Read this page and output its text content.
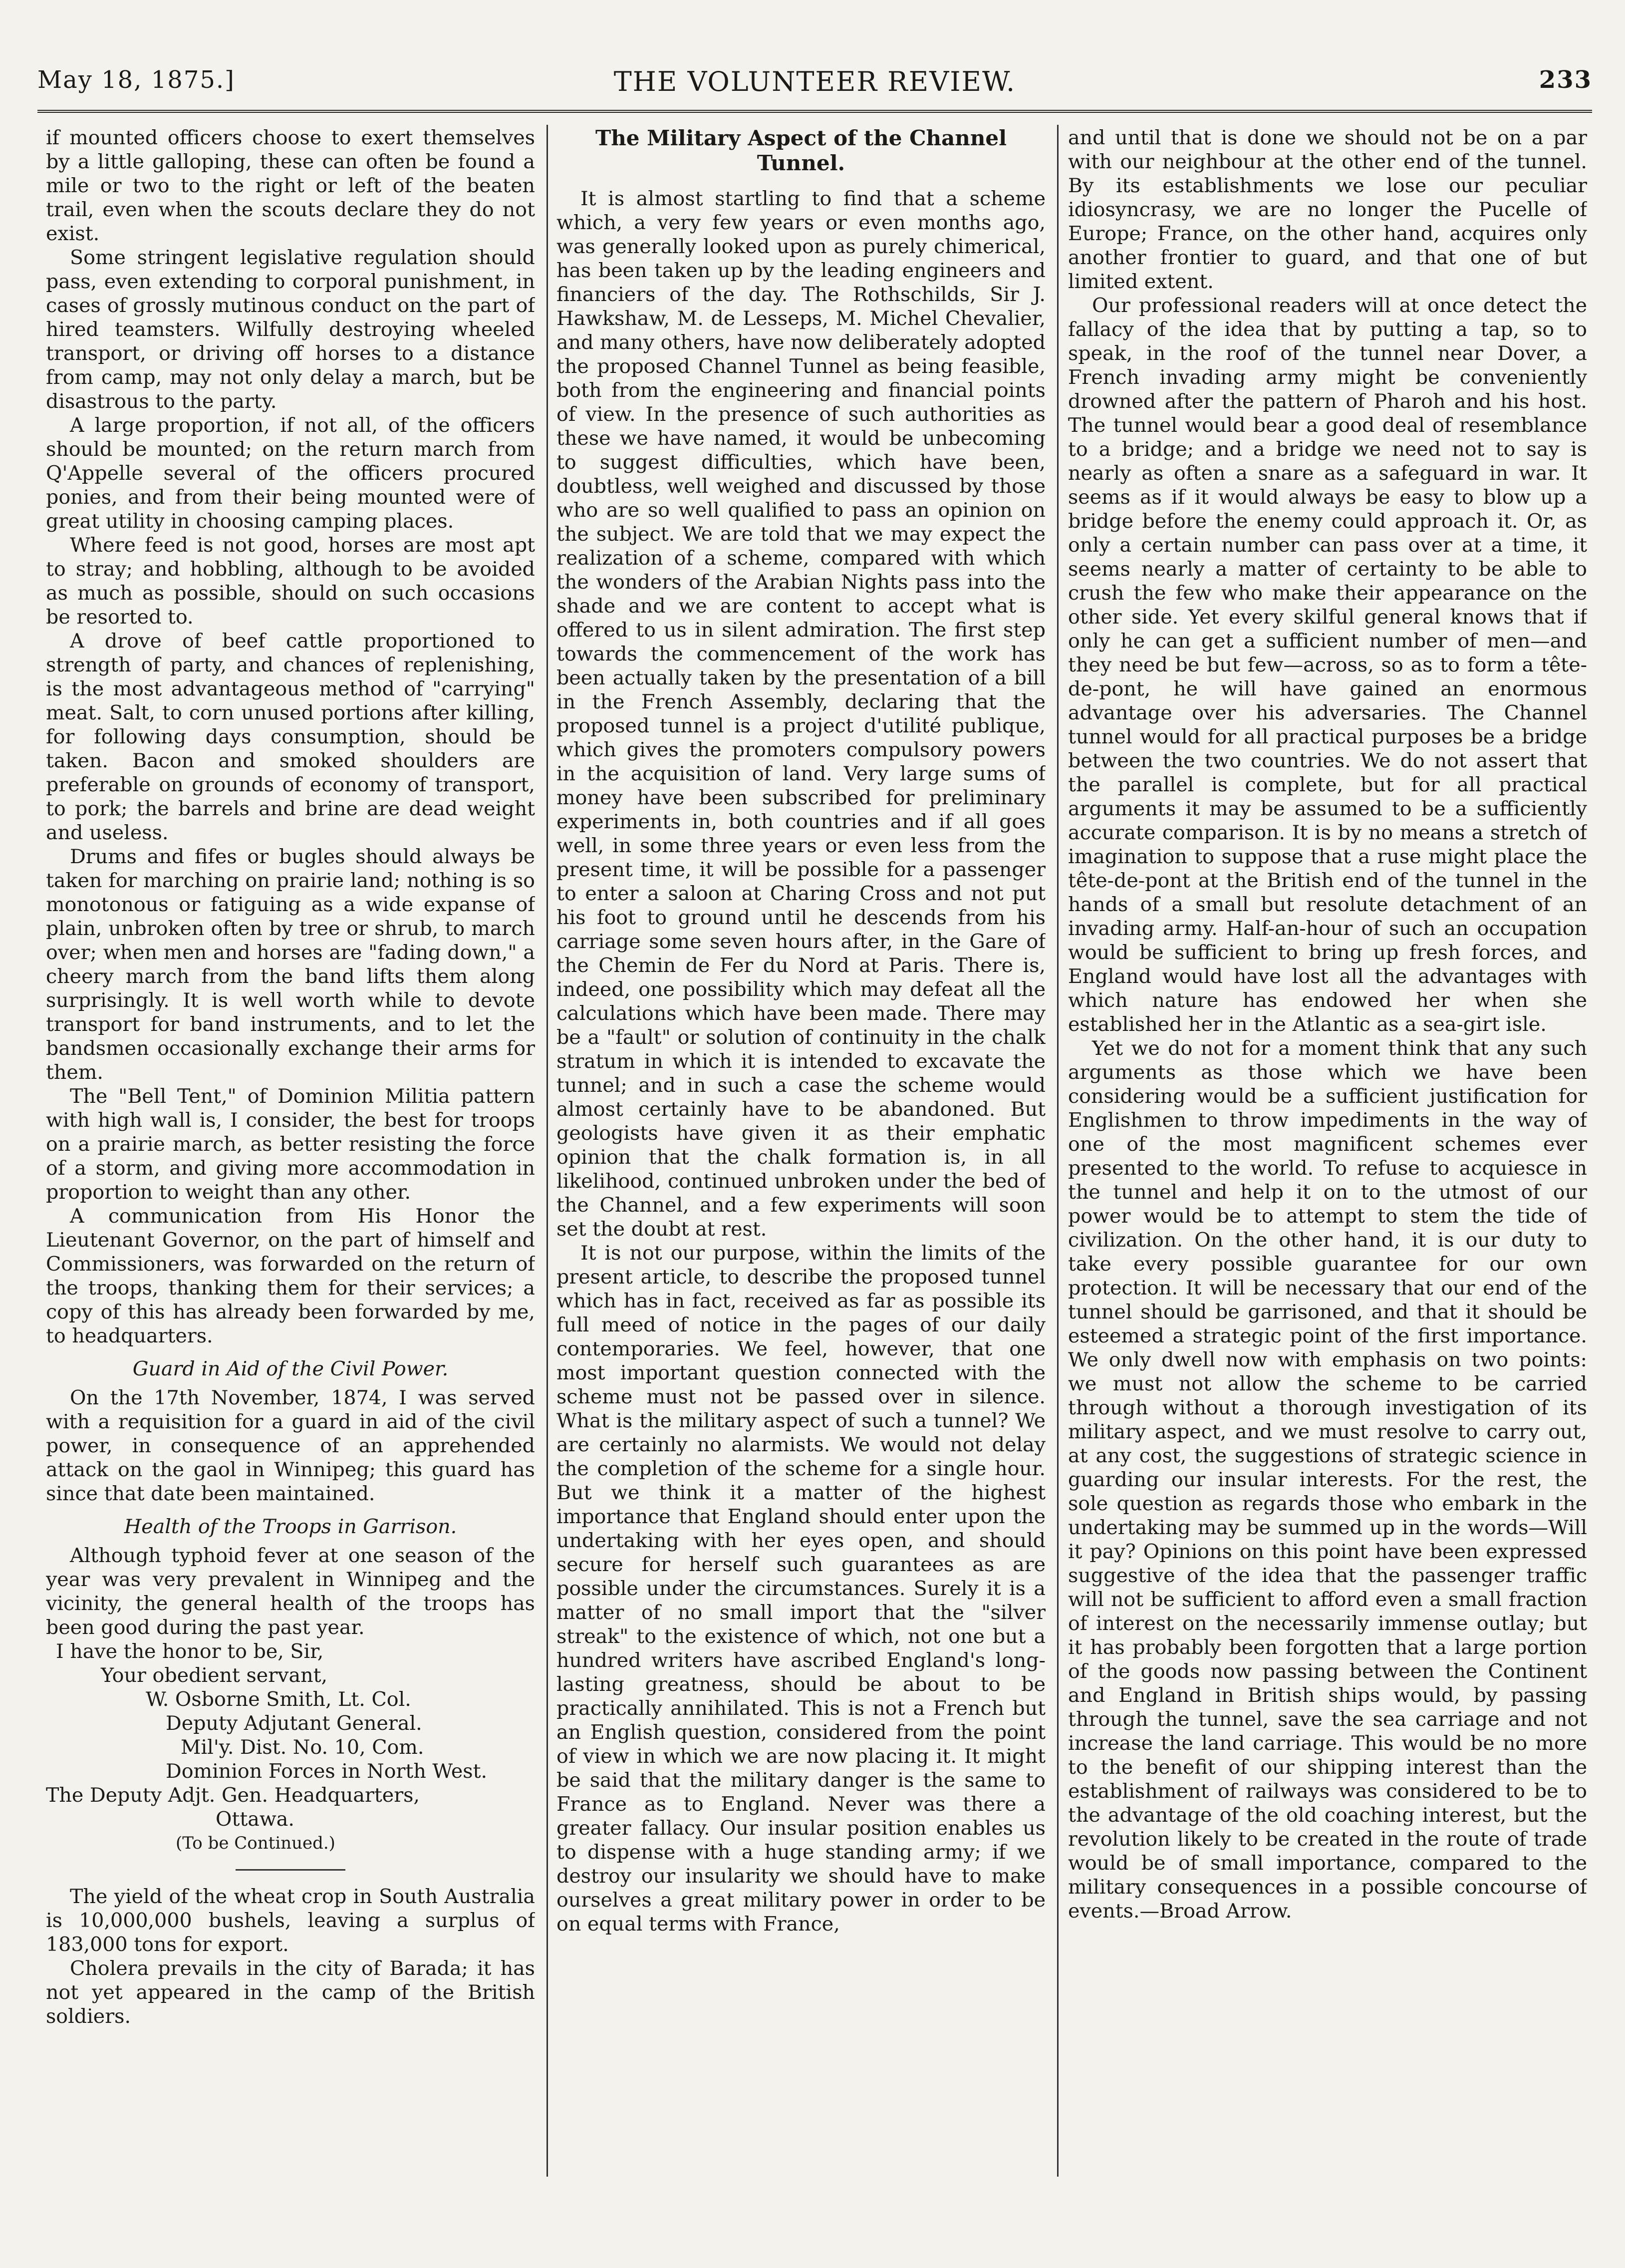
May 18, 1875.]	THE VOLUNTEER REVIEW.	233

if mounted officers choose to exert themselves by a little galloping, these can often be found a mile or two to the right or left of the beaten trail, even when the scouts declare they do not exist.

Some stringent legislative regulation should pass, even extending to corporal punishment, in cases of grossly mutinous conduct on the part of hired teamsters. Wilfully destroying wheeled transport, or driving off horses to a distance from camp, may not only delay a march, but be disastrous to the party.

A large proportion, if not all, of the officers should be mounted; on the return march from Q'Appelle several of the officers procured ponies, and from their being mounted were of great utility in choosing camping places.

Where feed is not good, horses are most apt to stray; and hobbling, although to be avoided as much as possible, should on such occasions be resorted to.

A drove of beef cattle proportioned to strength of party, and chances of replenishing, is the most advantageous method of "carrying" meat. Salt, to corn unused portions after killing, for following days consumption, should be taken. Bacon and smoked shoulders are preferable on grounds of economy of transport, to pork; the barrels and brine are dead weight and useless.

Drums and fifes or bugles should always be taken for marching on prairie land; nothing is so monotonous or fatiguing as a wide expanse of plain, unbroken often by tree or shrub, to march over; when men and horses are "fading down," a cheery march from the band lifts them along surprisingly. It is well worth while to devote transport for band instruments, and to let the bandsmen occasionally exchange their arms for them.

The "Bell Tent," of Dominion Militia pattern with high wall is, I consider, the best for troops on a prairie march, as better resisting the force of a storm, and giving more accommodation in proportion to weight than any other.

A communication from His Honor the Lieutenant Governor, on the part of himself and Commissioners, was forwarded on the return of the troops, thanking them for their services; a copy of this has already been forwarded by me, to headquarters.

Guard in Aid of the Civil Power.

On the 17th November, 1874, I was served with a requisition for a guard in aid of the civil power, in consequence of an apprehended attack on the gaol in Winnipeg; this guard has since that date been maintained.

Health of the Troops in Garrison.

Although typhoid fever at one season of the year was very prevalent in Winnipeg and the vicinity, the general health of the troops has been good during the past year.

I have the honor to be, Sir,

Your obedient servant,

W. Osborne Smith, Lt. Col.

Deputy Adjutant General.

Mil'y. Dist. No. 10, Com.

Dominion Forces in North West.

The Deputy Adjt. Gen. Headquarters,

Ottawa.

(To be Continued.)

The yield of the wheat crop in South Australia is 10,000,000 bushels, leaving a surplus of 183,000 tons for export.

Cholera prevails in the city of Barada; it has not yet appeared in the camp of the British soldiers.

The Military Aspect of the Channel Tunnel.

It is almost startling to find that a scheme which, a very few years or even months ago, was generally looked upon as purely chimerical, has been taken up by the leading engineers and financiers of the day. The Rothschilds, Sir J. Hawkshaw, M. de Lesseps, M. Michel Chevalier, and many others, have now deliberately adopted the proposed Channel Tunnel as being feasible, both from the engineering and financial points of view. In the presence of such authorities as these we have named, it would be unbecoming to suggest difficulties, which have been, doubtless, well weighed and discussed by those who are so well qualified to pass an opinion on the subject. We are told that we may expect the realization of a scheme, compared with which the wonders of the Arabian Nights pass into the shade and we are content to accept what is offered to us in silent admiration. The first step towards the commencement of the work has been actually taken by the presentation of a bill in the French Assembly, declaring that the proposed tunnel is a project d'utilité publique, which gives the promoters compulsory powers in the acquisition of land. Very large sums of money have been subscribed for preliminary experiments in, both countries and if all goes well, in some three years or even less from the present time, it will be possible for a passenger to enter a saloon at Charing Cross and not put his foot to ground until he descends from his carriage some seven hours after, in the Gare of the Chemin de Fer du Nord at Paris. There is, indeed, one possibility which may defeat all the calculations which have been made. There may be a "fault" or solution of continuity in the chalk stratum in which it is intended to excavate the tunnel; and in such a case the scheme would almost certainly have to be abandoned. But geologists have given it as their emphatic opinion that the chalk formation is, in all likelihood, continued unbroken under the bed of the Channel, and a few experiments will soon set the doubt at rest.

It is not our purpose, within the limits of the present article, to describe the proposed tunnel which has in fact, received as far as possible its full meed of notice in the pages of our daily contemporaries. We feel, however, that one most important question connected with the scheme must not be passed over in silence. What is the military aspect of such a tunnel? We are certainly no alarmists. We would not delay the completion of the scheme for a single hour. But we think it a matter of the highest importance that England should enter upon the undertaking with her eyes open, and should secure for herself such guarantees as are possible under the circumstances. Surely it is a matter of no small import that the "silver streak" to the existence of which, not one but a hundred writers have ascribed England's long-lasting greatness, should be about to be practically annihilated. This is not a French but an English question, considered from the point of view in which we are now placing it. It might be said that the military danger is the same to France as to England. Never was there a greater fallacy. Our insular position enables us to dispense with a huge standing army; if we destroy our insularity we should have to make ourselves a great military power in order to be on equal terms with France,

and until that is done we should not be on a par with our neighbour at the other end of the tunnel. By its establishments we lose our peculiar idiosyncrasy, we are no longer the Pucelle of Europe; France, on the other hand, acquires only another frontier to guard, and that one of but limited extent.

Our professional readers will at once detect the fallacy of the idea that by putting a tap, so to speak, in the roof of the tunnel near Dover, a French invading army might be conveniently drowned after the pattern of Pharoh and his host. The tunnel would bear a good deal of resemblance to a bridge; and a bridge we need not to say is nearly as often a snare as a safeguard in war. It seems as if it would always be easy to blow up a bridge before the enemy could approach it. Or, as only a certain number can pass over at a time, it seems nearly a matter of certainty to be able to crush the few who make their appearance on the other side. Yet every skilful general knows that if only he can get a sufficient number of men—and they need be but few—across, so as to form a tête-de-pont, he will have gained an enormous advantage over his adversaries. The Channel tunnel would for all practical purposes be a bridge between the two countries. We do not assert that the parallel is complete, but for all practical arguments it may be assumed to be a sufficiently accurate comparison. It is by no means a stretch of imagination to suppose that a ruse might place the tête-de-pont at the British end of the tunnel in the hands of a small but resolute detachment of an invading army. Half-an-hour of such an occupation would be sufficient to bring up fresh forces, and England would have lost all the advantages with which nature has endowed her when she established her in the Atlantic as a sea-girt isle.

Yet we do not for a moment think that any such arguments as those which we have been considering would be a sufficient justification for Englishmen to throw impediments in the way of one of the most magnificent schemes ever presented to the world. To refuse to acquiesce in the tunnel and help it on to the utmost of our power would be to attempt to stem the tide of civilization. On the other hand, it is our duty to take every possible guarantee for our own protection. It will be necessary that our end of the tunnel should be garrisoned, and that it should be esteemed a strategic point of the first importance. We only dwell now with emphasis on two points: we must not allow the scheme to be carried through without a thorough investigation of its military aspect, and we must resolve to carry out, at any cost, the suggestions of strategic science in guarding our insular interests. For the rest, the sole question as regards those who embark in the undertaking may be summed up in the words—Will it pay? Opinions on this point have been expressed suggestive of the idea that the passenger traffic will not be sufficient to afford even a small fraction of interest on the necessarily immense outlay; but it has probably been forgotten that a large portion of the goods now passing between the Continent and England in British ships would, by passing through the tunnel, save the sea carriage and not increase the land carriage. This would be no more to the benefit of our shipping interest than the establishment of railways was considered to be to the advantage of the old coaching interest, but the revolution likely to be created in the route of trade would be of small importance, compared to the military consequences in a possible concourse of events.—Broad Arrow.
